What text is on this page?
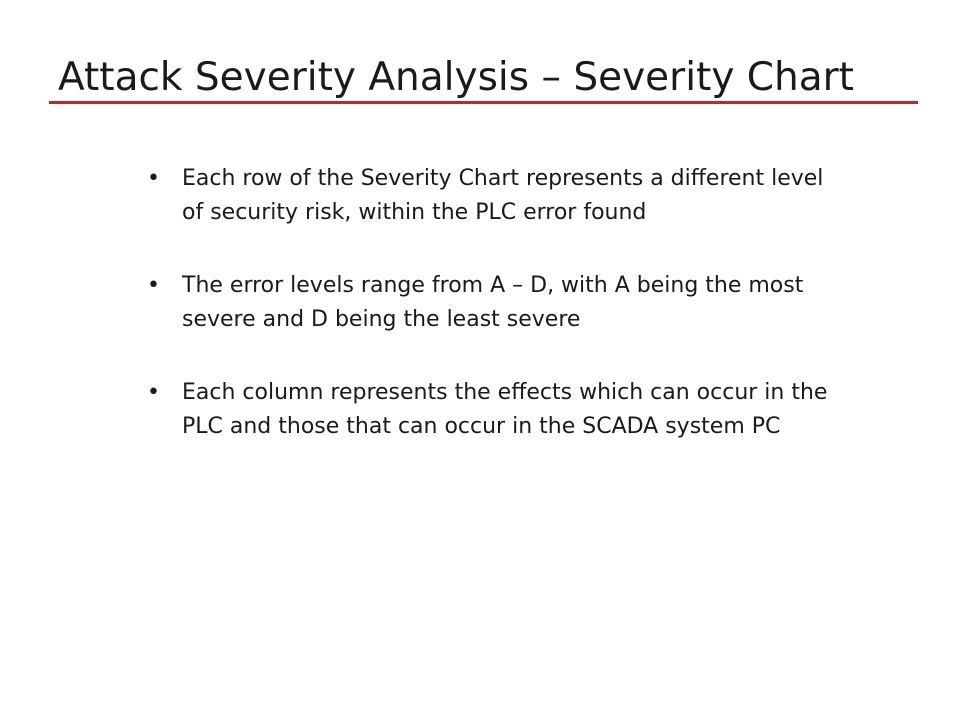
Attack Severity Analysis – Severity Chart
• Each row of the Severity Chart represents a different level of security risk, within the PLC error found
• The error levels range from A – D, with A being the most severe and D being the least severe
• Each column represents the effects which can occur in the PLC and those that can occur in the SCADA system PC
